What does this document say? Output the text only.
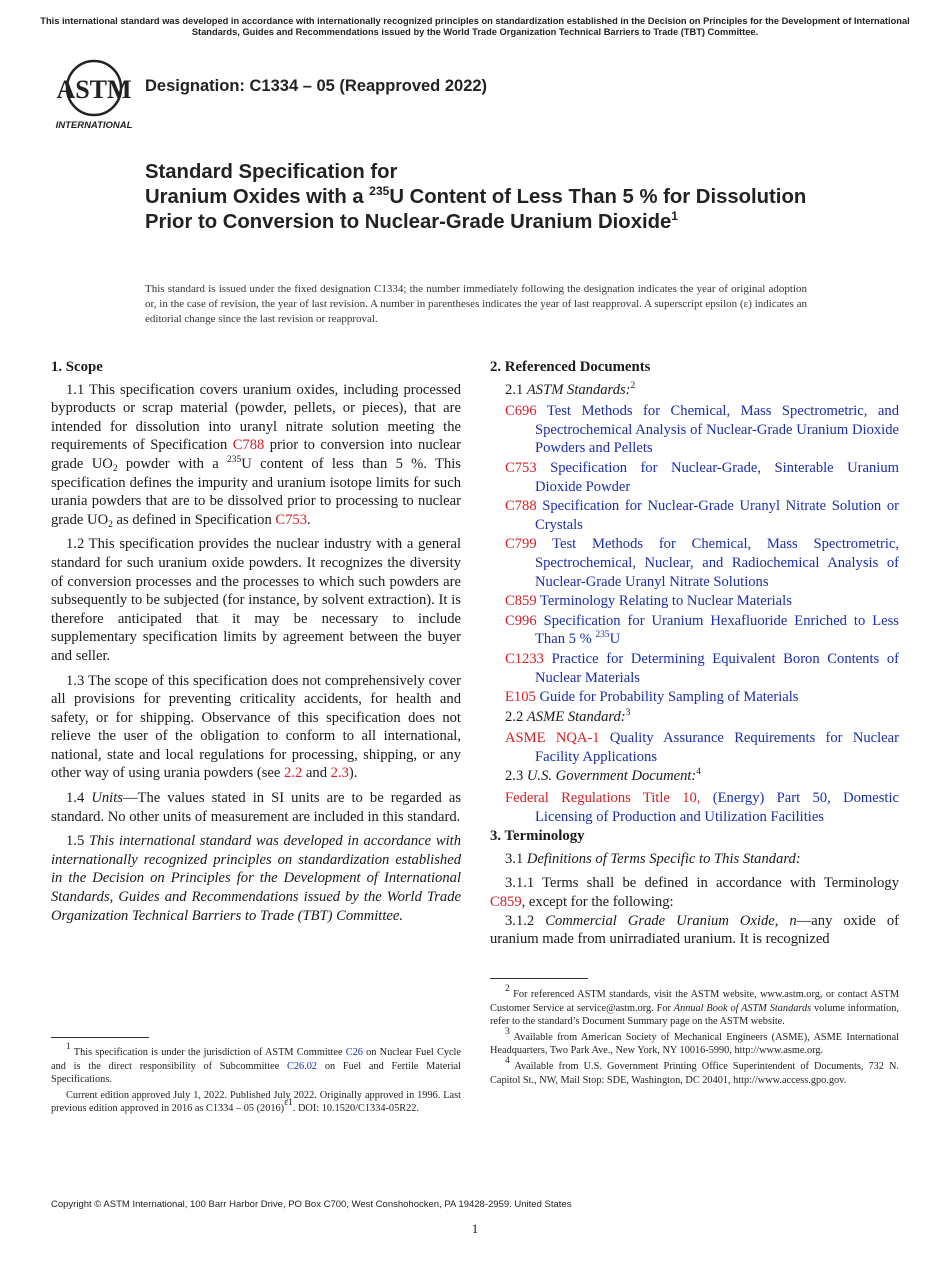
This international standard was developed in accordance with internationally recognized principles on standardization established in the Decision on Principles for the Development of International Standards, Guides and Recommendations issued by the World Trade Organization Technical Barriers to Trade (TBT) Committee.
ASTM
INTERNATIONAL
Designation: C1334 – 05 (Reapproved 2022)
Standard Specification for
Uranium Oxides with a $^{235}$U Content of Less Than 5 % for Dissolution Prior to Conversion to Nuclear-Grade Uranium Dioxide$^1$
This standard is issued under the fixed designation C1334; the number immediately following the designation indicates the year of original adoption or, in the case of revision, the year of last revision. A number in parentheses indicates the year of last reapproval. A superscript epsilon (ε) indicates an editorial change since the last revision or reapproval.
1. Scope

1.1 This specification covers uranium oxides, including processed byproducts or scrap material (powder, pellets, or pieces), that are intended for dissolution into uranyl nitrate solution meeting the requirements of Specification C788 prior to conversion into nuclear grade $UO_2$ powder with a $^{235}$U content of less than 5 %. This specification defines the impurity and uranium isotope limits for such urania powders that are to be dissolved prior to processing to nuclear grade $UO_2$ as defined in Specification C753.

1.2 This specification provides the nuclear industry with a general standard for such uranium oxide powders. It recognizes the diversity of conversion processes and the processes to which such powders are subsequently to be subjected (for instance, by solvent extraction). It is therefore anticipated that it may be necessary to include supplementary specification limits by agreement between the buyer and seller.

1.3 The scope of this specification does not comprehensively cover all provisions for preventing criticality accidents, for health and safety, or for shipping. Observance of this specification does not relieve the user of the obligation to conform to all international, national, state and local regulations for processing, shipping, or any other way of using urania powders (see 2.2 and 2.3).

1.4 Units—The values stated in SI units are to be regarded as standard. No other units of measurement are included in this standard.

1.5 This international standard was developed in accordance with internationally recognized principles on standardization established in the Decision on Principles for the Development of International Standards, Guides and Recommendations issued by the World Trade Organization Technical Barriers to Trade (TBT) Committee.

2. Referenced Documents
2.1 ASTM Standards:$^2$
C696 Test Methods for Chemical, Mass Spectrometric, and Spectrochemical Analysis of Nuclear-Grade Uranium Dioxide Powders and Pellets
C753 Specification for Nuclear-Grade, Sinterable Uranium Dioxide Powder
C788 Specification for Nuclear-Grade Uranyl Nitrate Solution or Crystals
C799 Test Methods for Chemical, Mass Spectrometric, Spectrochemical, Nuclear, and Radiochemical Analysis of Nuclear-Grade Uranyl Nitrate Solutions
C859 Terminology Relating to Nuclear Materials
C996 Specification for Uranium Hexafluoride Enriched to Less Than 5 % $^{235}$U
C1233 Practice for Determining Equivalent Boron Contents of Nuclear Materials
E105 Guide for Probability Sampling of Materials
2.2 ASME Standard:$^3$
ASME NQA-1 Quality Assurance Requirements for Nuclear Facility Applications
2.3 U.S. Government Document:$^4$
Federal Regulations Title 10, (Energy) Part 50, Domestic Licensing of Production and Utilization Facilities
3. Terminology

3.1 Definitions of Terms Specific to This Standard:

3.1.1 Terms shall be defined in accordance with Terminology C859, except for the following:

3.1.2 Commercial Grade Uranium Oxide, n—any oxide of uranium made from unirradiated uranium. It is recognized

$^1$ This specification is under the jurisdiction of ASTM Committee C26 on Nuclear Fuel Cycle and is the direct responsibility of Subcommittee C26.02 on Fuel and Fertile Material Specifications.

Current edition approved July 1, 2022. Published July 2022. Originally approved in 1996. Last previous edition approved in 2016 as C1334 – 05 $(2016)^{\varepsilon 1}$. DOI: 10.1520/C1334-05R22.

$^2$ For referenced ASTM standards, visit the ASTM website, www.astm.org, or contact ASTM Customer Service at service@astm.org. For Annual Book of ASTM Standards volume information, refer to the standard’s Document Summary page on the ASTM website.

$^3$ Available from American Society of Mechanical Engineers (ASME), ASME International Headquarters, Two Park Ave., New York, NY 10016-5990, http://www.asme.org.

$^4$ Available from U.S. Government Printing Office Superintendent of Documents, 732 N. Capitol St., NW, Mail Stop: SDE, Washington, DC 20401, http://www.access.gpo.gov.

Copyright © ASTM International, 100 Barr Harbor Drive, PO Box C700, West Conshohocken, PA 19428-2959. United States
1
